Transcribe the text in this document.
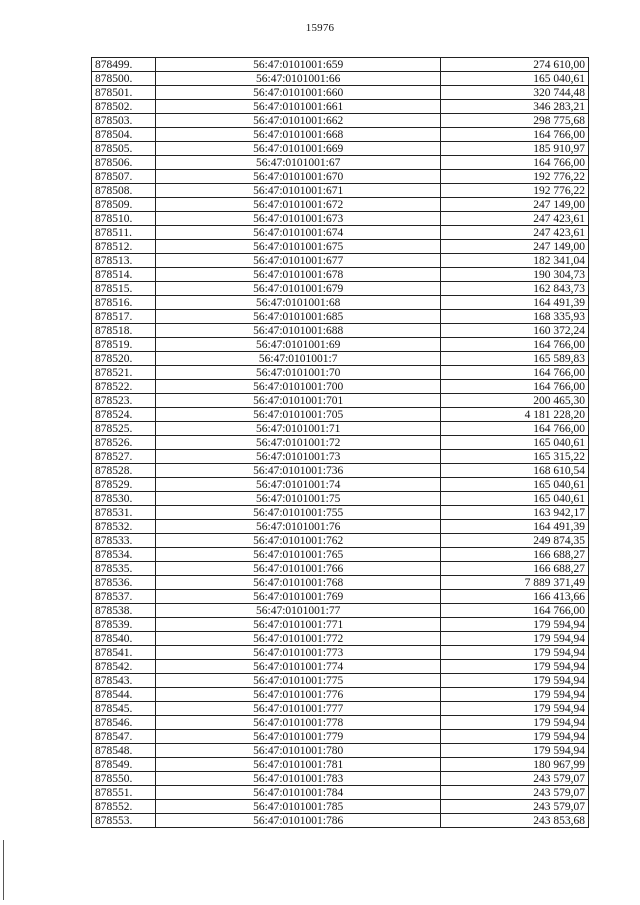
15976
878499.	56:47:0101001:659	274 610,00
878500.	56:47:0101001:66	165 040,61
878501.	56:47:0101001:660	320 744,48
878502.	56:47:0101001:661	346 283,21
878503.	56:47:0101001:662	298 775,68
878504.	56:47:0101001:668	164 766,00
878505.	56:47:0101001:669	185 910,97
878506.	56:47:0101001:67	164 766,00
878507.	56:47:0101001:670	192 776,22
878508.	56:47:0101001:671	192 776,22
878509.	56:47:0101001:672	247 149,00
878510.	56:47:0101001:673	247 423,61
878511.	56:47:0101001:674	247 423,61
878512.	56:47:0101001:675	247 149,00
878513.	56:47:0101001:677	182 341,04
878514.	56:47:0101001:678	190 304,73
878515.	56:47:0101001:679	162 843,73
878516.	56:47:0101001:68	164 491,39
878517.	56:47:0101001:685	168 335,93
878518.	56:47:0101001:688	160 372,24
878519.	56:47:0101001:69	164 766,00
878520.	56:47:0101001:7	165 589,83
878521.	56:47:0101001:70	164 766,00
878522.	56:47:0101001:700	164 766,00
878523.	56:47:0101001:701	200 465,30
878524.	56:47:0101001:705	4 181 228,20
878525.	56:47:0101001:71	164 766,00
878526.	56:47:0101001:72	165 040,61
878527.	56:47:0101001:73	165 315,22
878528.	56:47:0101001:736	168 610,54
878529.	56:47:0101001:74	165 040,61
878530.	56:47:0101001:75	165 040,61
878531.	56:47:0101001:755	163 942,17
878532.	56:47:0101001:76	164 491,39
878533.	56:47:0101001:762	249 874,35
878534.	56:47:0101001:765	166 688,27
878535.	56:47:0101001:766	166 688,27
878536.	56:47:0101001:768	7 889 371,49
878537.	56:47:0101001:769	166 413,66
878538.	56:47:0101001:77	164 766,00
878539.	56:47:0101001:771	179 594,94
878540.	56:47:0101001:772	179 594,94
878541.	56:47:0101001:773	179 594,94
878542.	56:47:0101001:774	179 594,94
878543.	56:47:0101001:775	179 594,94
878544.	56:47:0101001:776	179 594,94
878545.	56:47:0101001:777	179 594,94
878546.	56:47:0101001:778	179 594,94
878547.	56:47:0101001:779	179 594,94
878548.	56:47:0101001:780	179 594,94
878549.	56:47:0101001:781	180 967,99
878550.	56:47:0101001:783	243 579,07
878551.	56:47:0101001:784	243 579,07
878552.	56:47:0101001:785	243 579,07
878553.	56:47:0101001:786	243 853,68
